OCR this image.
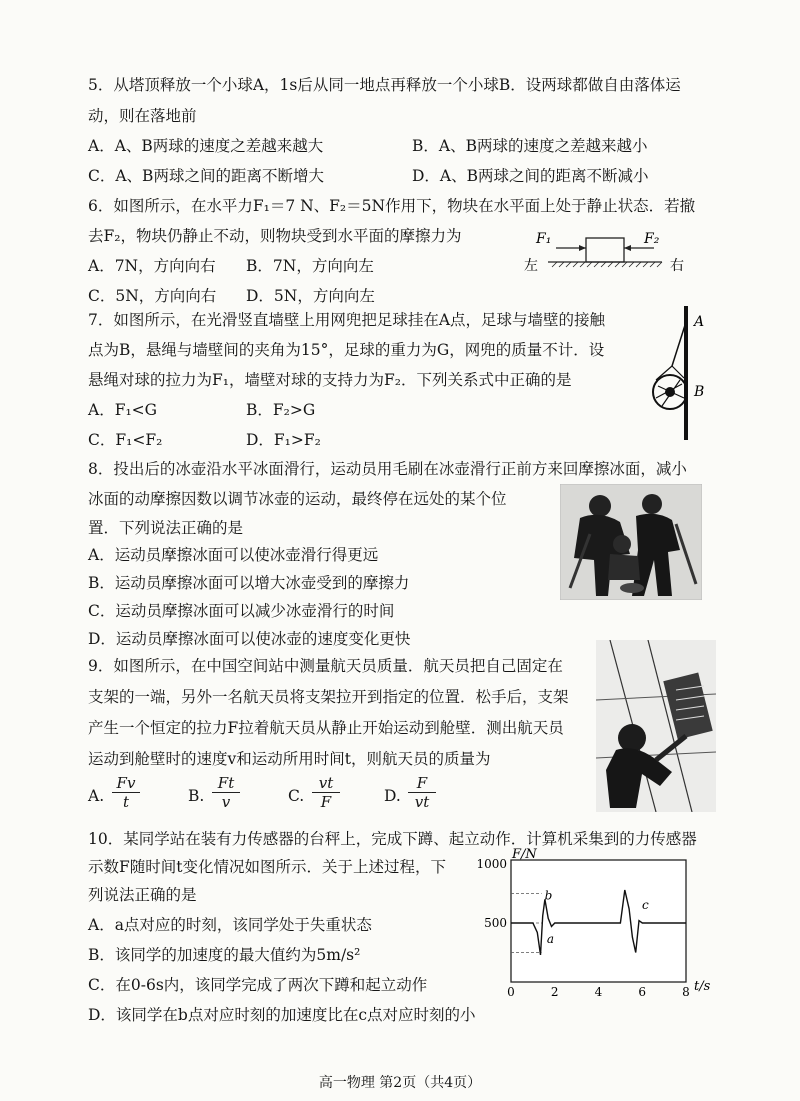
5．从塔顶释放一个小球A，1s后从同一地点再释放一个小球B．设两球都做自由落体运
动，则在落地前
A．A、B两球的速度之差越来越大	B．A、B两球的速度之差越来越小
C．A、B两球之间的距离不断增大	D．A、B两球之间的距离不断减小
6．如图所示，在水平力F₁＝7 N、F₂＝5N作用下，物块在水平面上处于静止状态．若撤
去F₂，物块仍静止不动，则物块受到水平面的摩擦力为
A．7N，方向向右 B．7N，方向向左
C．5N，方向向右 D．5N，方向向左
F₁	F₂
左	右
7．如图所示，在光滑竖直墙壁上用网兜把足球挂在A点，足球与墙壁的接触
点为B，悬绳与墙壁间的夹角为15°，足球的重力为G，网兜的质量不计．设
悬绳对球的拉力为F₁，墙壁对球的支持力为F₂．下列关系式中正确的是
A．F₁<G	B．F₂>G
C．F₁<F₂	D．F₁>F₂
A
B
8．投出后的冰壶沿水平冰面滑行，运动员用毛刷在冰壶滑行正前方来回摩擦冰面，减小
冰面的动摩擦因数以调节冰壶的运动，最终停在远处的某个位
置．下列说法正确的是
A．运动员摩擦冰面可以使冰壶滑行得更远
B．运动员摩擦冰面可以增大冰壶受到的摩擦力
C．运动员摩擦冰面可以减少冰壶滑行的时间
D．运动员摩擦冰面可以使冰壶的速度变化更快
9．如图所示，在中国空间站中测量航天员质量．航天员把自己固定在
支架的一端，另外一名航天员将支架拉开到指定的位置．松手后，支架
产生一个恒定的拉力F拉着航天员从静止开始运动到舱壁．测出航天员
运动到舱壁时的速度v和运动所用时间t，则航天员的质量为
A. $\frac{Fv}{t}$	B. $\frac{Ft}{v}$	C. $\frac{vt}{F}$	D. $\frac{F}{vt}$
10．某同学站在装有力传感器的台秤上，完成下蹲、起立动作．计算机采集到的力传感器
示数F随时间t变化情况如图所示．关于上述过程，下
列说法正确的是
A．a点对应的时刻，该同学处于失重状态
B．该同学的加速度的最大值约为5m/s²
C．在0-6s内，该同学完成了两次下蹲和起立动作
D．该同学在b点对应时刻的加速度比在c点对应时刻的小
F/N
t/s
500
1000
0	2	4	6	8
a
b
c
高一物理 第2页（共4页）
